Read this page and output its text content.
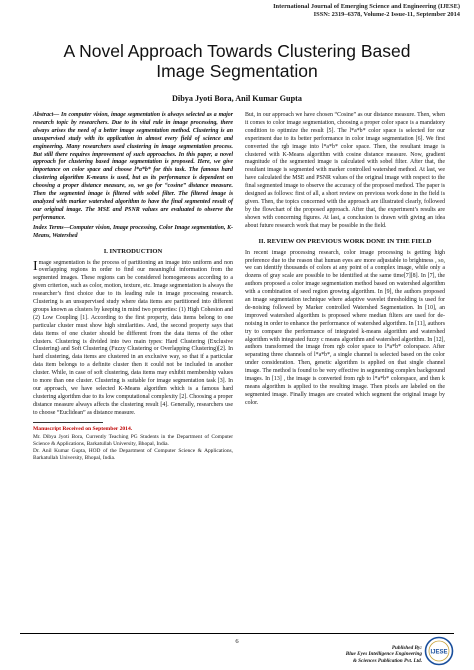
International Journal of Emerging Science and Engineering (IJESE)
ISSN: 2319–6378, Volume-2 Issue-11, September 2014
A Novel Approach Towards Clustering Based
Image Segmentation
Dibya Jyoti Bora, Anil Kumar Gupta

Abstract— In computer vision, image segmentation is always selected as a major research topic by researchers. Due to its vital rule in image processing, there always arises the need of a better image segmentation method. Clustering is an unsupervised study with its application in almost every field of science and engineering. Many researchers used clustering in image segmentation process. But still there requires improvement of such approaches. In this paper, a novel approach for clustering based image segmentation is proposed. Here, we give importance on color space and choose l*a*b* for this task. The famous hard clustering algorithm K-means is used, but as its performance is dependent on choosing a proper distance measure, so, we go for “cosine” distance measure. Then the segmented image is filtered with sobel filter. The filtered image is analyzed with marker watershed algorithm to have the final segmented result of our original image. The MSE and PSNR values are evaluated to observe the performance.

Index Terms—Computer vision, Image processing, Color Image segmentation, K-Means, Watershed

I. INTRODUCTION

Image segmentation is the process of partitioning an image into uniform and non overlapping regions in order to find our meaningful information from the segmented images. These regions can be considered homogeneous according to a given criterion, such as color, motion, texture, etc. Image segmentation is always the researcher’s first choice due to its leading rule in image processing research. Clustering is an unsupervised study where data items are partitioned into different groups known as clusters by keeping in mind two properties: (1) High Cohesion and (2) Low Coupling [1]. According to the first property, data items belong to one particular cluster must show high similarities. And, the second property says that data items of one cluster should be different from the data items of the other clusters. Clustering is divided into two main types: Hard Clustering (Exclusive Clustering) and Soft Clustering (Fuzzy Clustering or Overlapping Clustering)[2]. In hard clustering, data items are clustered in an exclusive way, so that if a particular data item belongs to a definite cluster then it could not be included in another cluster. While, in case of soft clustering, data items may exhibit membership values to more than one cluster. Clustering is suitable for image segmentation task [3]. In our approach, we have selected K-Means algorithm which is a famous hard clustering algorithm due to its low computational complexity [2]. Choosing a proper distance measure always affects the clustering result [4]. Generally, researchers use to choose “Euclidean” as distance measure.

Manuscript Received on September 2014.
Mr. Dibya Jyoti Bora, Currently Teaching PG Students in the Department of Computer Science & Applications, Barkatullah University, Bhopal, India.
Dr. Anil Kumar Gupta, HOD of the Department of Computer Science & Applications, Barkatullah University, Bhopal, India.

But, in our approach we have chosen “Cosine” as our distance measure. Then, when it comes to color image segmentation, choosing a proper color space is a mandatory condition to optimize the result [5]. The l*a*b* color space is selected for our experiment due to its better performance in color image segmentation [6]. We first converted the rgb image into l*a*b* color space. Then, the resultant image is clustered with K-Means algorithm with cosine distance measure. Now, gradient magnitude of the segmented image is calculated with sobel filter. After that, the resultant image is segmented with marker controlled watershed method. At last, we have calculated the MSE and PSNR values of the original image with respect to the final segmented image to observe the accuracy of the proposed method. The paper is designed as follows: first of all, a short review on previous work done in the field is given. Then, the topics concerned with the approach are illustrated clearly, followed by the flowchart of the proposed approach. After that, the experiment’s results are shown with concerning figures. At last, a conclusion is drawn with giving an idea about future research work that may be possible in the field.

II. REVIEW ON PREVIOUS WORK DONE IN THE FIELD

In recent image processing research, color image processing is getting high preference due to the reason that human eyes are more adjustable to brightness , so, we can identify thousands of colors at any point of a complex image, while only a dozens of gray scale are possible to be identified at the same time[7][8]. In [7], the authors proposed a color image segmentation method based on watershed algorithm with a combination of seed region growing algorithm. In [9], the authors proposed an image segmentation technique where adaptive wavelet thresholding is used for de-noising followed by Marker controlled Watershed Segmentation. In [10], an improved watershed algorithm is proposed where median filters are used for de-noising in order to enhance the performance of watershed algorithm. In [11], authors try to compare the performance of integrated k-means algorithm and watershed algorithm with integrated fuzzy c means algorithm and watershed algorithm. In [12], authors transformed the image from rgb color space to l*a*b* colorspace. After separating three channels of l*a*b*, a single channel is selected based on the color under consideration. Then, genetic algorithm is applied on that single channel image. The method is found to be very effective in segmenting complex background images. In [13] , the image is converted from rgb to l*a*b* colorspace, and then k means algorithm is applied to the resulting image. Then pixels are labeled on the segmented image. Finally images are created which segment the original image by color.

6
Published By:
Blue Eyes Intelligence Engineering
& Sciences Publication Pvt. Ltd.
IJESE
